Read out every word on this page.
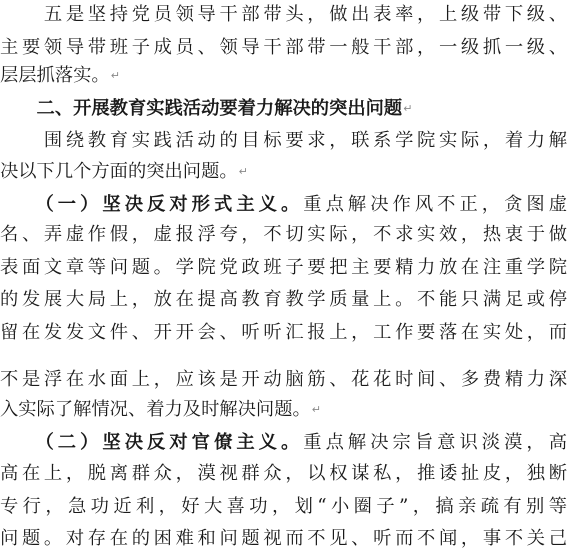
　　五是坚持党员领导干部带头，做出表率，上级带下级、
主要领导带班子成员、领导干部带一般干部，一级抓一级、
层层抓落实。↵
　　二、开展教育实践活动要着力解决的突出问题↵
　　围绕教育实践活动的目标要求，联系学院实际，着力解
决以下几个方面的突出问题。↵
　　（一）坚决反对形式主义。重点解决作风不正，贪图虚
名、弄虚作假，虚报浮夸，不切实际，不求实效，热衷于做
表面文章等问题。学院党政班子要把主要精力放在注重学院
的发展大局上，放在提高教育教学质量上。不能只满足或停
留在发发文件、开开会、听听汇报上，工作要落在实处，而
不是浮在水面上，应该是开动脑筋、花花时间、多费精力深
入实际了解情况、着力及时解决问题。↵
　　（二）坚决反对官僚主义。重点解决宗旨意识淡漠，高
高在上，脱离群众，漠视群众，以权谋私，推诿扯皮，独断
专行，急功近利，好大喜功，划“小圈子”，搞亲疏有别等
问题。对存在的困难和问题视而不见、听而不闻，事不关己
